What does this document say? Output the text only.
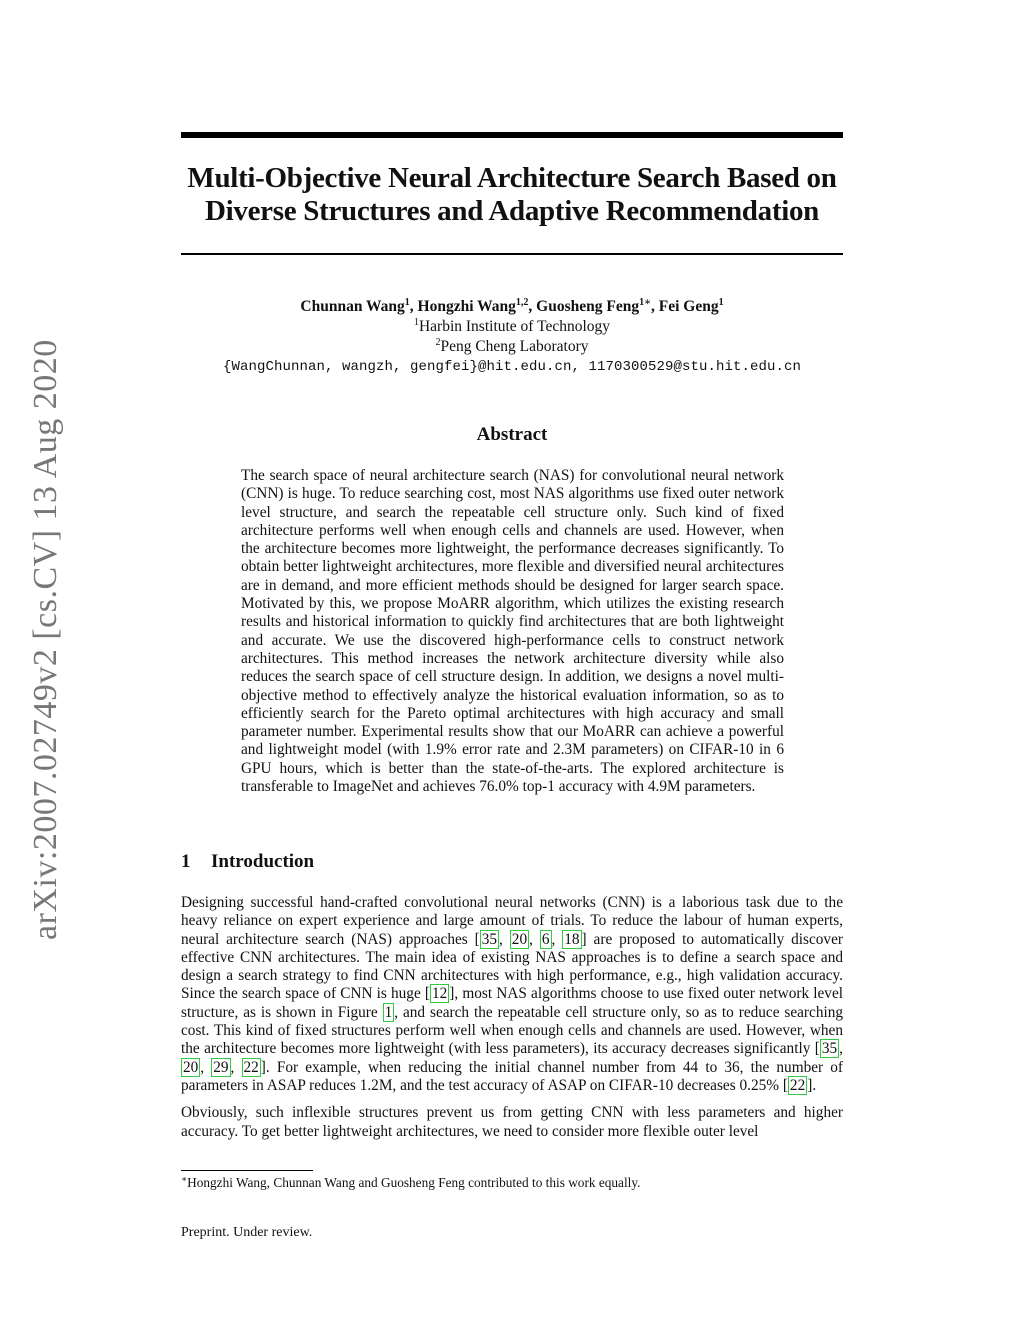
arXiv:2007.02749v2 [cs.CV] 13 Aug 2020
Multi-Objective Neural Architecture Search Based on
Diverse Structures and Adaptive Recommendation
Chunnan Wang$^1$, Hongzhi Wang$^{1,2}$, Guosheng Feng$^{1∗}$, Fei Geng$^1$
$^1$Harbin Institute of Technology
$^2$Peng Cheng Laboratory
{WangChunnan, wangzh, gengfei}@hit.edu.cn, 1170300529@stu.hit.edu.cn
Abstract
The search space of neural architecture search (NAS) for convolutional neural network (CNN) is huge. To reduce searching cost, most NAS algorithms use fixed outer network level structure, and search the repeatable cell structure only. Such kind of fixed architecture performs well when enough cells and channels are used. However, when the architecture becomes more lightweight, the performance decreases significantly. To obtain better lightweight architectures, more flexible and diversified neural architectures are in demand, and more efficient methods should be designed for larger search space. Motivated by this, we propose MoARR algorithm, which utilizes the existing research results and historical information to quickly find architectures that are both lightweight and accurate. We use the discovered high-performance cells to construct network architectures. This method increases the network architecture diversity while also reduces the search space of cell structure design. In addition, we designs a novel multi-objective method to effectively analyze the historical evaluation information, so as to efficiently search for the Pareto optimal architectures with high accuracy and small parameter number. Experimental results show that our MoARR can achieve a powerful and lightweight model (with 1.9% error rate and 2.3M parameters) on CIFAR-10 in 6 GPU hours, which is better than the state-of-the-arts. The explored architecture is transferable to ImageNet and achieves 76.0% top-1 accuracy with 4.9M parameters.
1 Introduction

Designing successful hand-crafted convolutional neural networks (CNN) is a laborious task due to the heavy reliance on expert experience and large amount of trials. To reduce the labour of human experts, neural architecture search (NAS) approaches [ 35 , 20 , 6 , 18 ] are proposed to automatically discover effective CNN architectures. The main idea of existing NAS approaches is to define a search space and design a search strategy to find CNN architectures with high performance, e.g., high validation accuracy. Since the search space of CNN is huge [ 12 ], most NAS algorithms choose to use fixed outer network level structure, as is shown in Figure 1 , and search the repeatable cell structure only, so as to reduce searching cost. This kind of fixed structures perform well when enough cells and channels are used. However, when the architecture becomes more lightweight (with less parameters), its accuracy decreases significantly [ 35 , 20 , 29 , 22 ]. For example, when reducing the initial channel number from 44 to 36, the number of parameters in ASAP reduces 1.2M, and the test accuracy of ASAP on CIFAR-10 decreases 0.25% [ 22 ].

Obviously, such inflexible structures prevent us from getting CNN with less parameters and higher accuracy. To get better lightweight architectures, we need to consider more flexible outer level

∗Hongzhi Wang, Chunnan Wang and Guosheng Feng contributed to this work equally.
Preprint. Under review.
